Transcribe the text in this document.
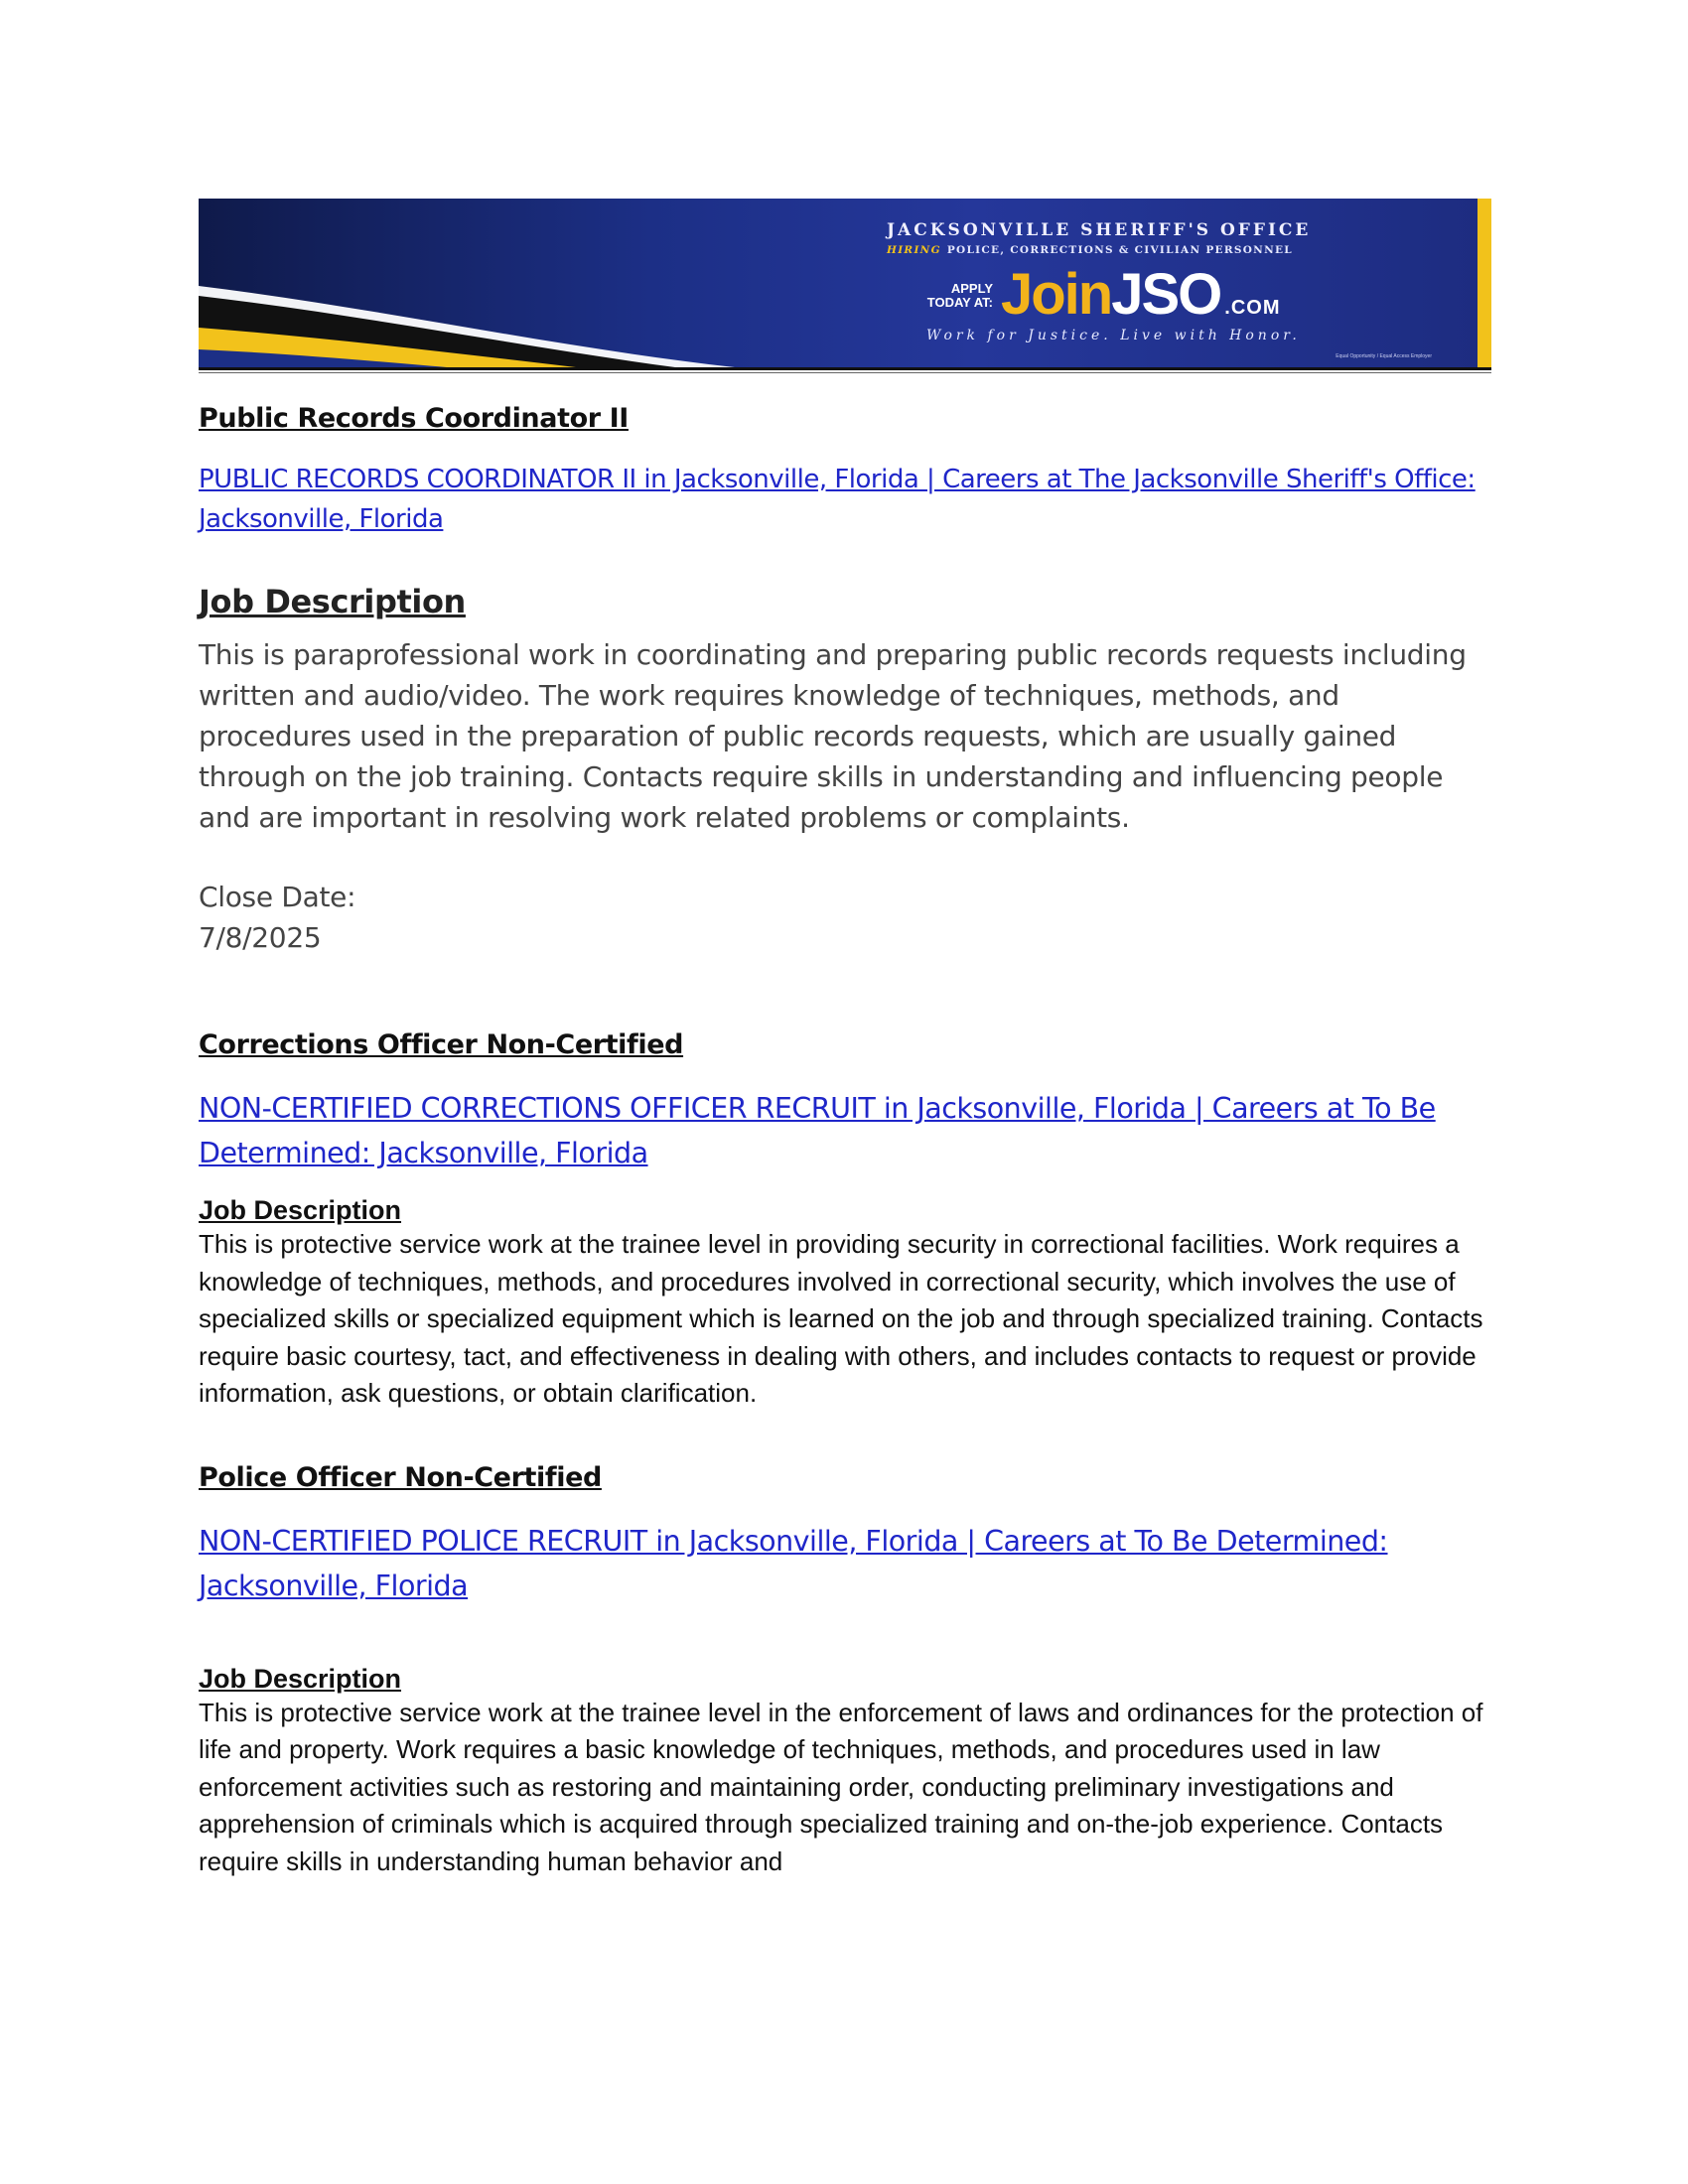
JACKSONVILLE SHERIFF'S OFFICE
HIRING POLICE, CORRECTIONS & CIVILIAN PERSONNEL
APPLY
TODAY AT: JoinJSO .COM
Work for Justice. Live with Honor.
Equal Opportunity / Equal Access Employer
Public Records Coordinator II
PUBLIC RECORDS COORDINATOR II in Jacksonville, Florida | Careers at The Jacksonville Sheriff's Office: Jacksonville, Florida
Job Description

This is paraprofessional work in coordinating and preparing public records requests including written and audio/video. The work requires knowledge of techniques, methods, and procedures used in the preparation of public records requests, which are usually gained through on the job training. Contacts require skills in understanding and influencing people and are important in resolving work related problems or complaints.

Close Date:

7/8/2025

Corrections Officer Non-Certified
NON-CERTIFIED CORRECTIONS OFFICER RECRUIT in Jacksonville, Florida | Careers at To Be Determined: Jacksonville, Florida
Job Description

This is protective service work at the trainee level in providing security in correctional facilities. Work requires a knowledge of techniques, methods, and procedures involved in correctional security, which involves the use of specialized skills or specialized equipment which is learned on the job and through specialized training. Contacts require basic courtesy, tact, and effectiveness in dealing with others, and includes contacts to request or provide information, ask questions, or obtain clarification.

Police Officer Non-Certified
NON-CERTIFIED POLICE RECRUIT in Jacksonville, Florida | Careers at To Be Determined: Jacksonville, Florida
Job Description

This is protective service work at the trainee level in the enforcement of laws and ordinances for the protection of life and property. Work requires a basic knowledge of techniques, methods, and procedures used in law enforcement activities such as restoring and maintaining order, conducting preliminary investigations and apprehension of criminals which is acquired through specialized training and on-the-job experience. Contacts require skills in understanding human behavior and
